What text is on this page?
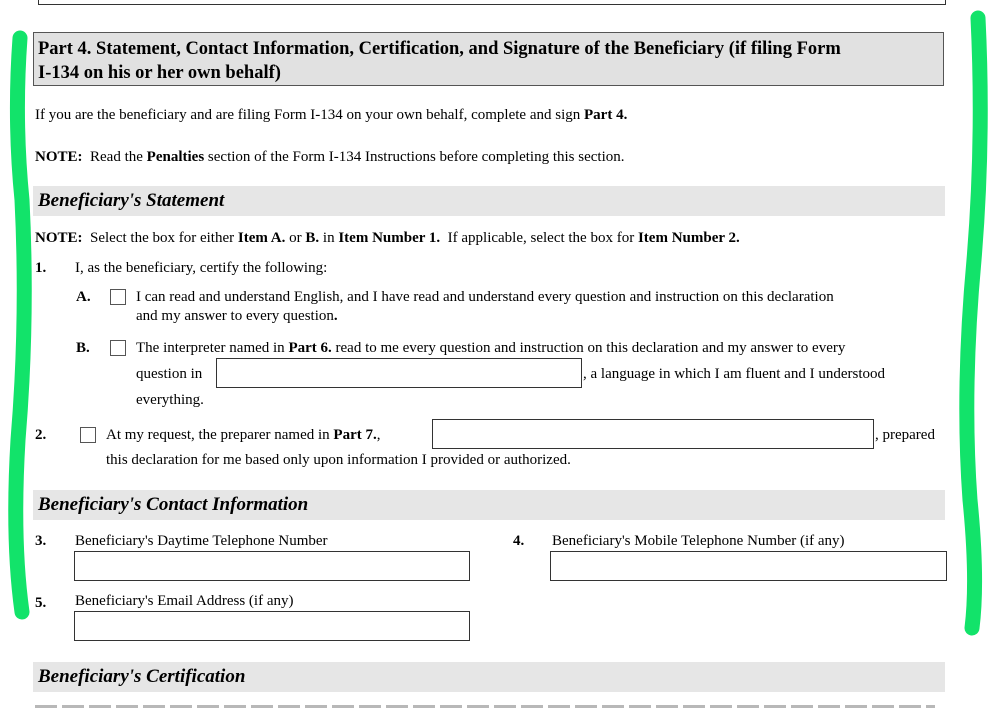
Part 4. Statement, Contact Information, Certification, and Signature of the Beneficiary (if filing Form
I-134 on his or her own behalf)
If you are the beneficiary and are filing Form I-134 on your own behalf, complete and sign Part 4.
NOTE:  Read the Penalties section of the Form I-134 Instructions before completing this section.
Beneficiary's Statement
NOTE:  Select the box for either Item A. or B. in Item Number 1.  If applicable, select the box for Item Number 2.
1. I, as the beneficiary, certify the following:
A.	I can read and understand English, and I have read and understand every question and instruction on this declaration
and my answer to every question.
B.	The interpreter named in Part 6. read to me every question and instruction on this declaration and my answer to every
question in	, a language in which I am fluent and I understood
everything.
2.	At my request, the preparer named in Part 7.,	, prepared
this declaration for me based only upon information I provided or authorized.
Beneficiary's Contact Information
3. Beneficiary's Daytime Telephone Number	4. Beneficiary's Mobile Telephone Number (if any)
5. Beneficiary's Email Address (if any)
Beneficiary's Certification
